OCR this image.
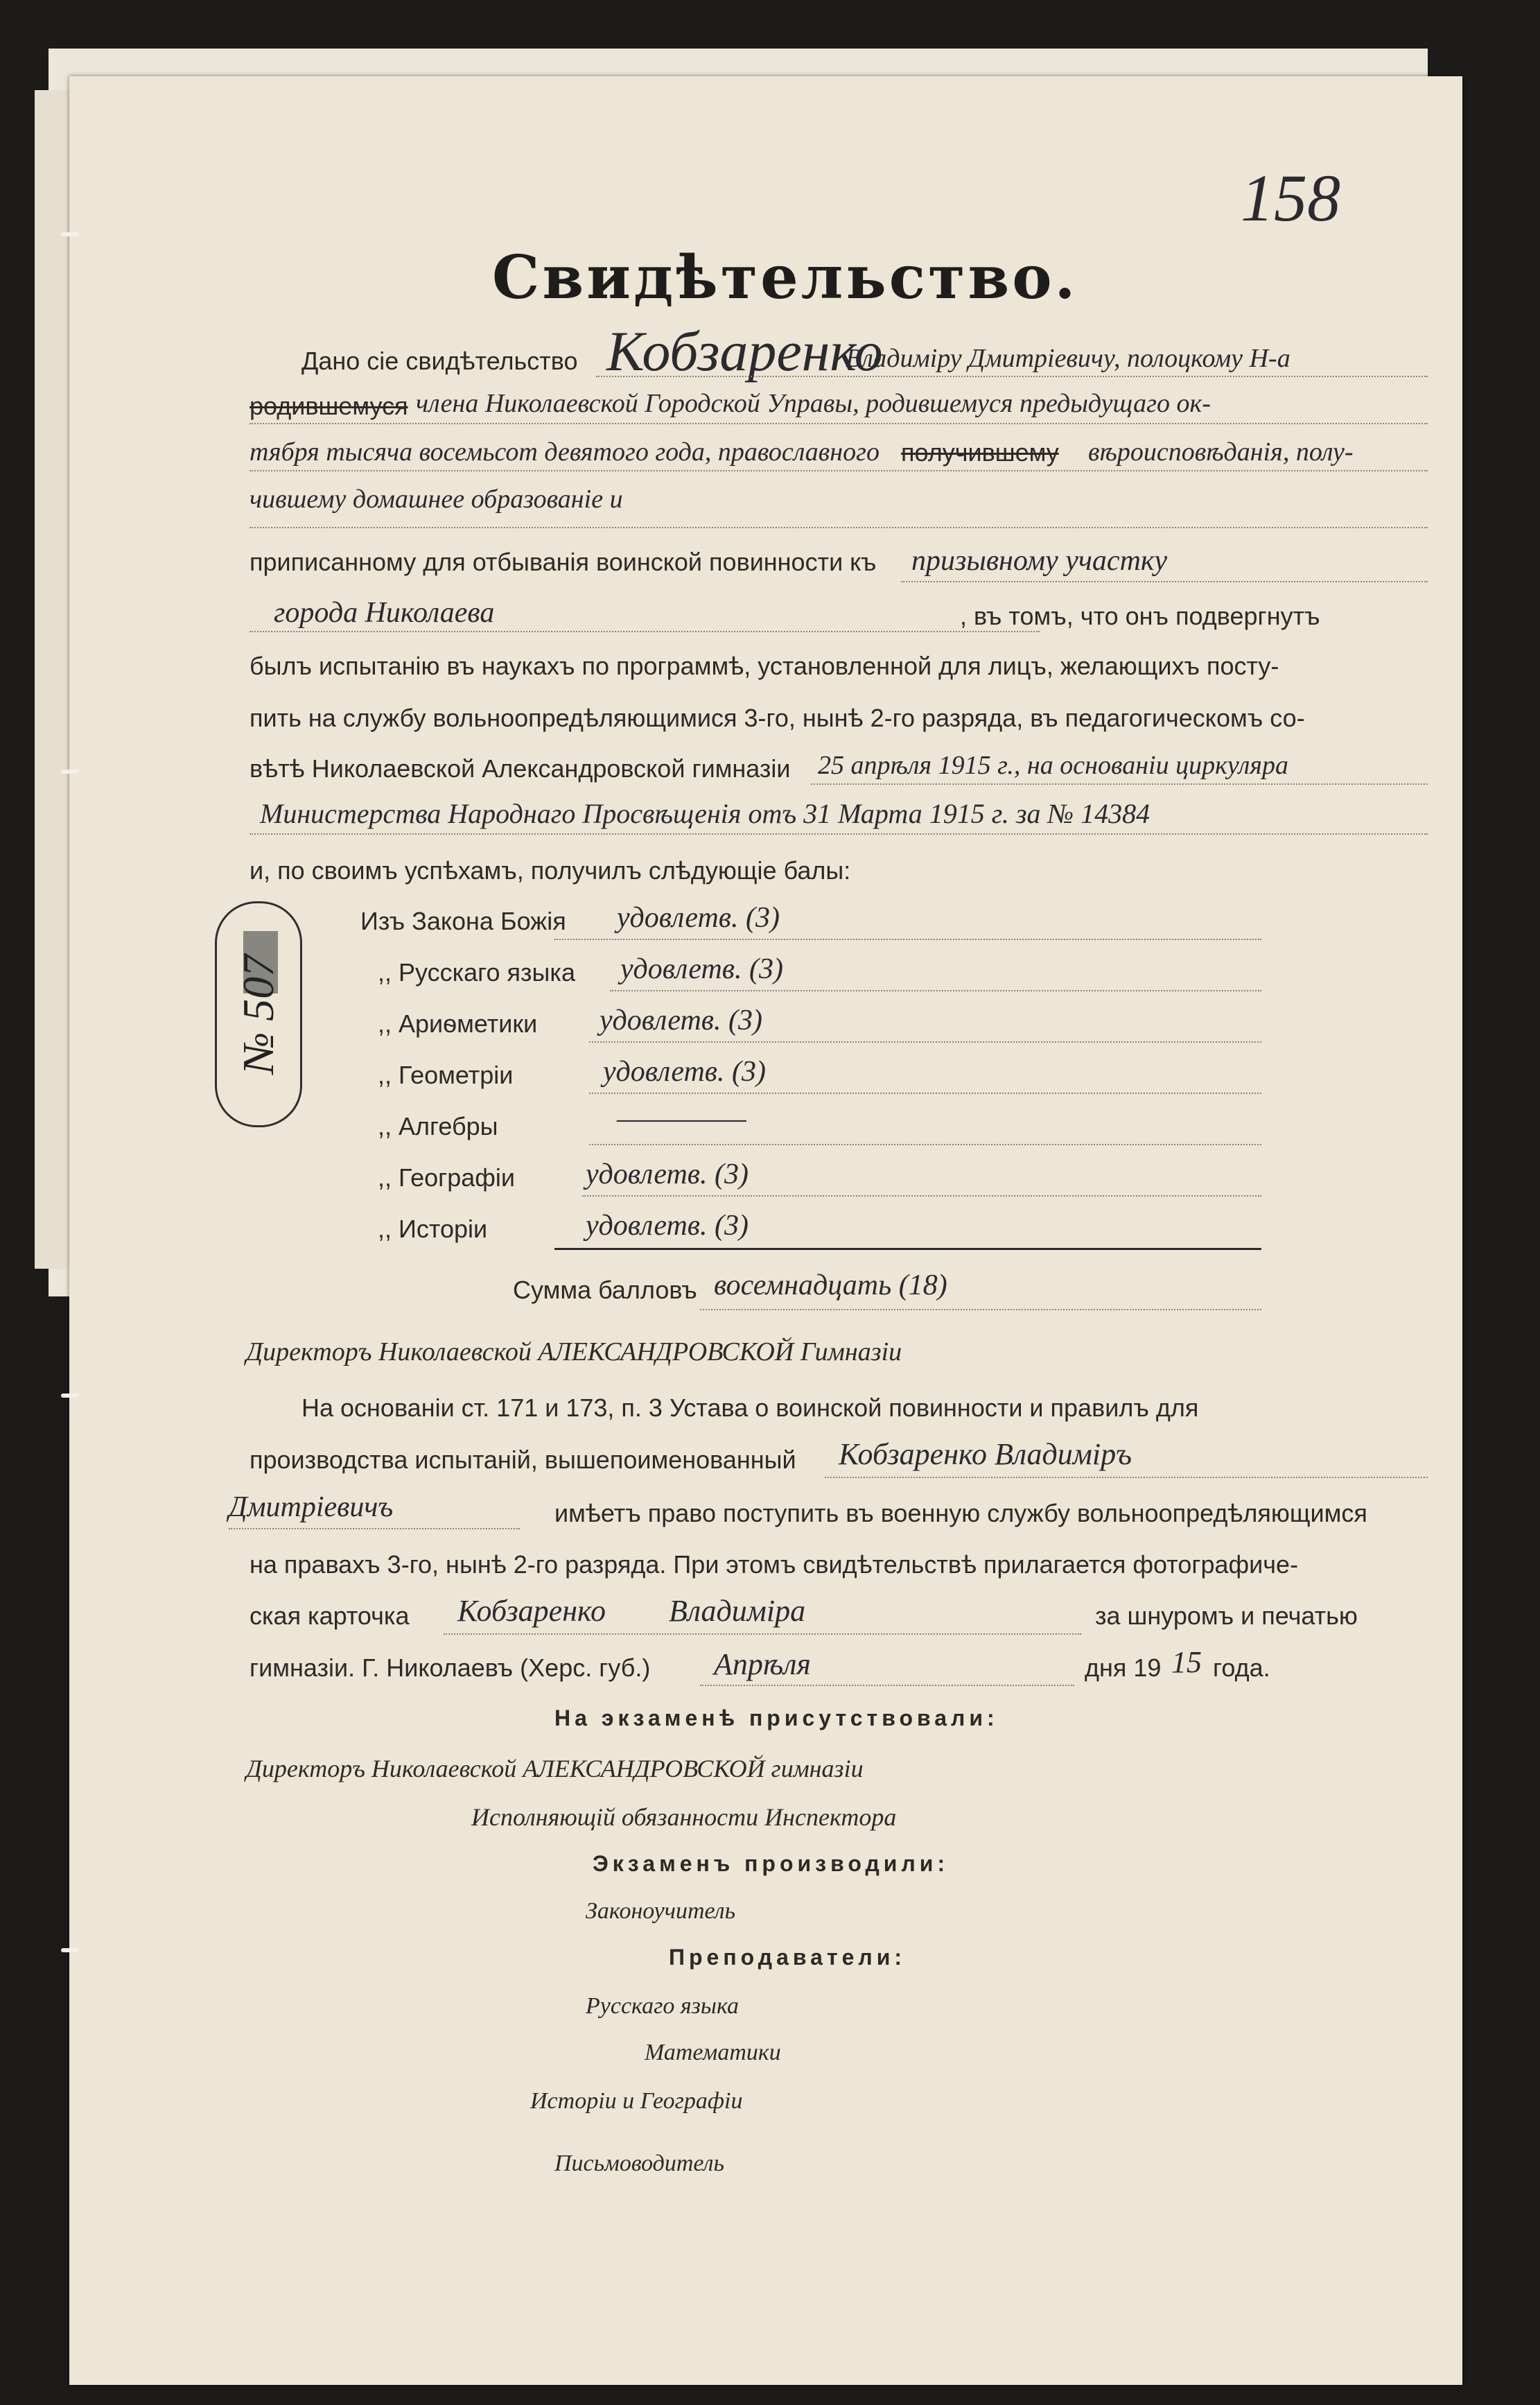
158
Свидѣтельство.
№ 507
Дано сіе свидѣтельство Кобзаренко
Владиміру Дмитріевичу, полоцкому Н-а
родившемуся члена Николаевской Городской Управы, родившемуся предыдущаго ок-
тября тысяча восемьсот девятого года, православного получившему вѣроисповѣданія, полу-
чившему домашнее образованіе и
приписанному для отбыванія воинской повинности къ призывному участку
города Николаева	, въ томъ, что онъ подвергнутъ
былъ испытанію въ наукахъ по программѣ, установленной для лицъ, желающихъ посту-
пить на службу вольноопредѣляющимися 3-го, нынѣ 2-го разряда, въ педагогическомъ со-
вѣтѣ Николаевской Александровской гимназіи 25 апрѣля 1915 г., на основаніи циркуляра
Министерства Народнаго Просвѣщенія отъ 31 Марта 1915 г. за № 14384
и, по своимъ успѣхамъ, получилъ слѣдующіе балы:
Изъ Закона Божія удовлетв. (3)
,, Русскаго языка удовлетв. (3)
,, Ариѳметики удовлетв. (3)
,, Геометріи	удовлетв. (3)
,, Алгебры	—————
,, Географіи удовлетв. (3)
,, Исторіи	удовлетв. (3)
Сумма балловъ восемнадцать (18)
Директоръ Николаевской АЛЕКСАНДРОВСКОЙ Гимназіи
На основаніи ст. 171 и 173, п. 3 Устава о воинской повинности и правилъ для
производства испытаній, вышепоименованный Кобзаренко Владиміръ
Дмитріевичъ	имѣетъ право поступить въ военную службу вольноопредѣляющимся
на правахъ 3-го, нынѣ 2-го разряда. При этомъ свидѣтельствѣ прилагается фотографиче-
ская карточка Кобзаренко Владиміра	за шнуромъ и печатью
гимназіи. Г. Николаевъ (Херс. губ.) Апрѣля	дня 19 15 года.
На экзаменѣ присутствовали:
Директоръ Николаевской АЛЕКСАНДРОВСКОЙ гимназіи
Исполняющій обязанности Инспектора
Экзаменъ производили:
Законоучитель
Преподаватели:
Русскаго языка
Математики
Исторіи и Географіи
Письмоводитель
